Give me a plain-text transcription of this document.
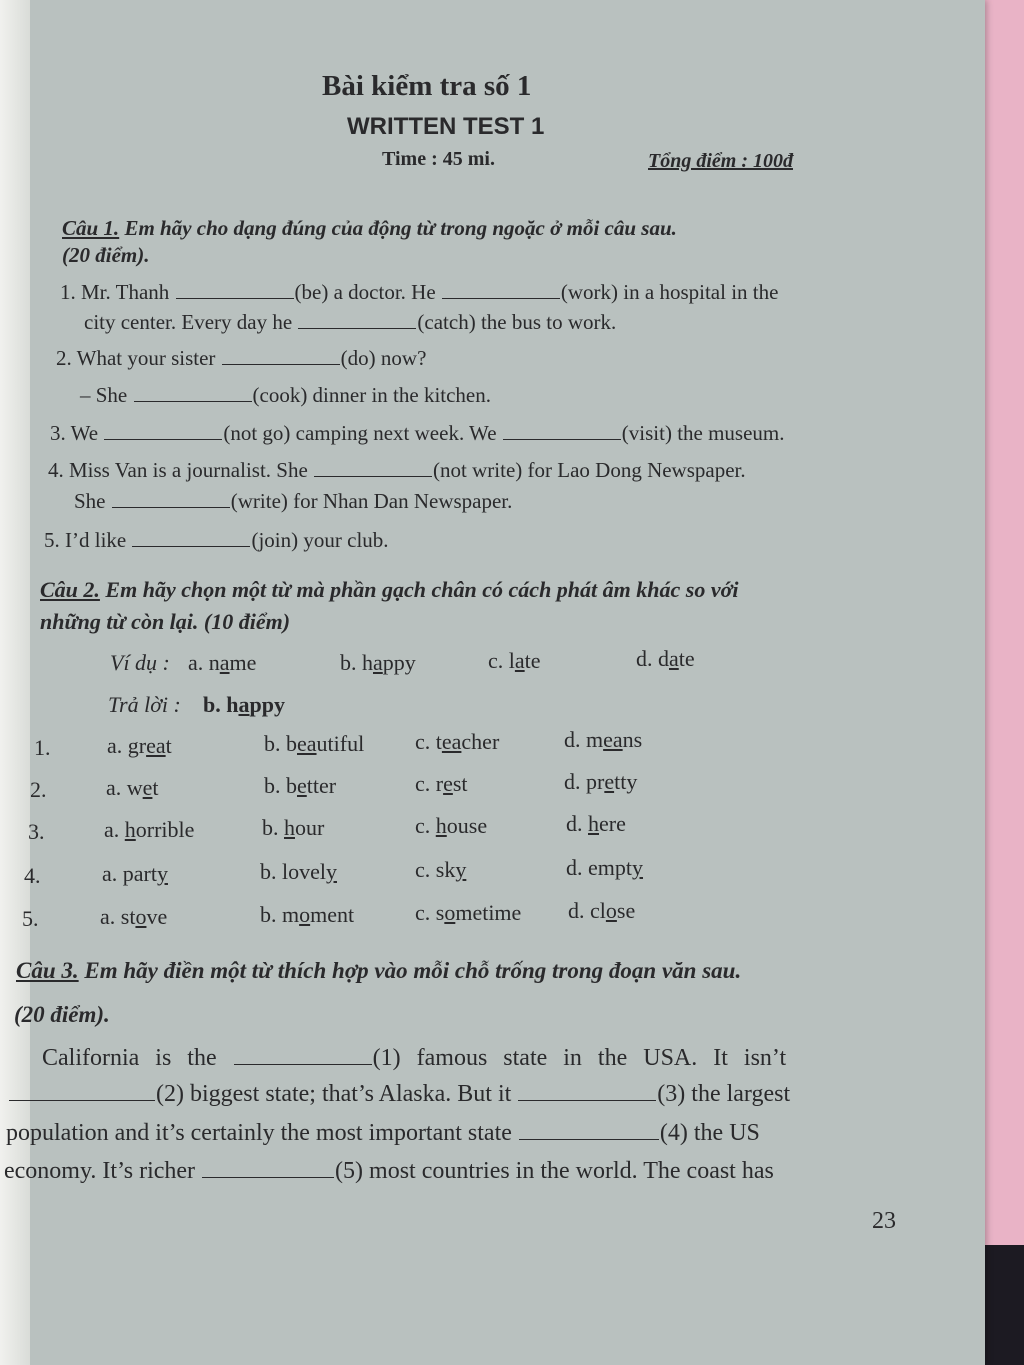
Bài kiểm tra số 1
WRITTEN TEST 1
Time : 45 mi.	Tổng điểm : 100đ
Câu 1. Em hãy cho dạng đúng của động từ trong ngoặc ở mỗi câu sau.
(20 điểm).
1. Mr. Thanh	(be) a doctor. He	(work) in a hospital in the
city center. Every day he	(catch) the bus to work.
2. What your sister	(do) now?
– She	(cook) dinner in the kitchen.
3. We	(not go) camping next week. We	(visit) the museum.
4. Miss Van is a journalist. She	(not write) for Lao Dong Newspaper.
She	(write) for Nhan Dan Newspaper.
5. I’d like	(join) your club.
Câu 2. Em hãy chọn một từ mà phần gạch chân có cách phát âm khác so với
những từ còn lại. (10 điểm)
Ví dụ : a. name	b. happy	c. late	d. date
Trả lời : b. happy
1.	a. great	b. beautiful c. teacher	d. means
2.	a. wet	b. better	c. rest	d. pretty
3.	a. horrible	b. hour	c. house	d. here
4.	a. party	b. lovely	c. sky	d. empty
5.	a. stove	b. moment	c. sometime d. close
Câu 3. Em hãy điền một từ thích hợp vào mỗi chỗ trống trong đoạn văn sau.
(20 điểm).
California is the	(1) famous state in the USA. It isn’t
(2) biggest state; that’s Alaska. But it	(3) the largest
population and it’s certainly the most important state	(4) the US
economy. It’s richer	(5) most countries in the world. The coast has
23
